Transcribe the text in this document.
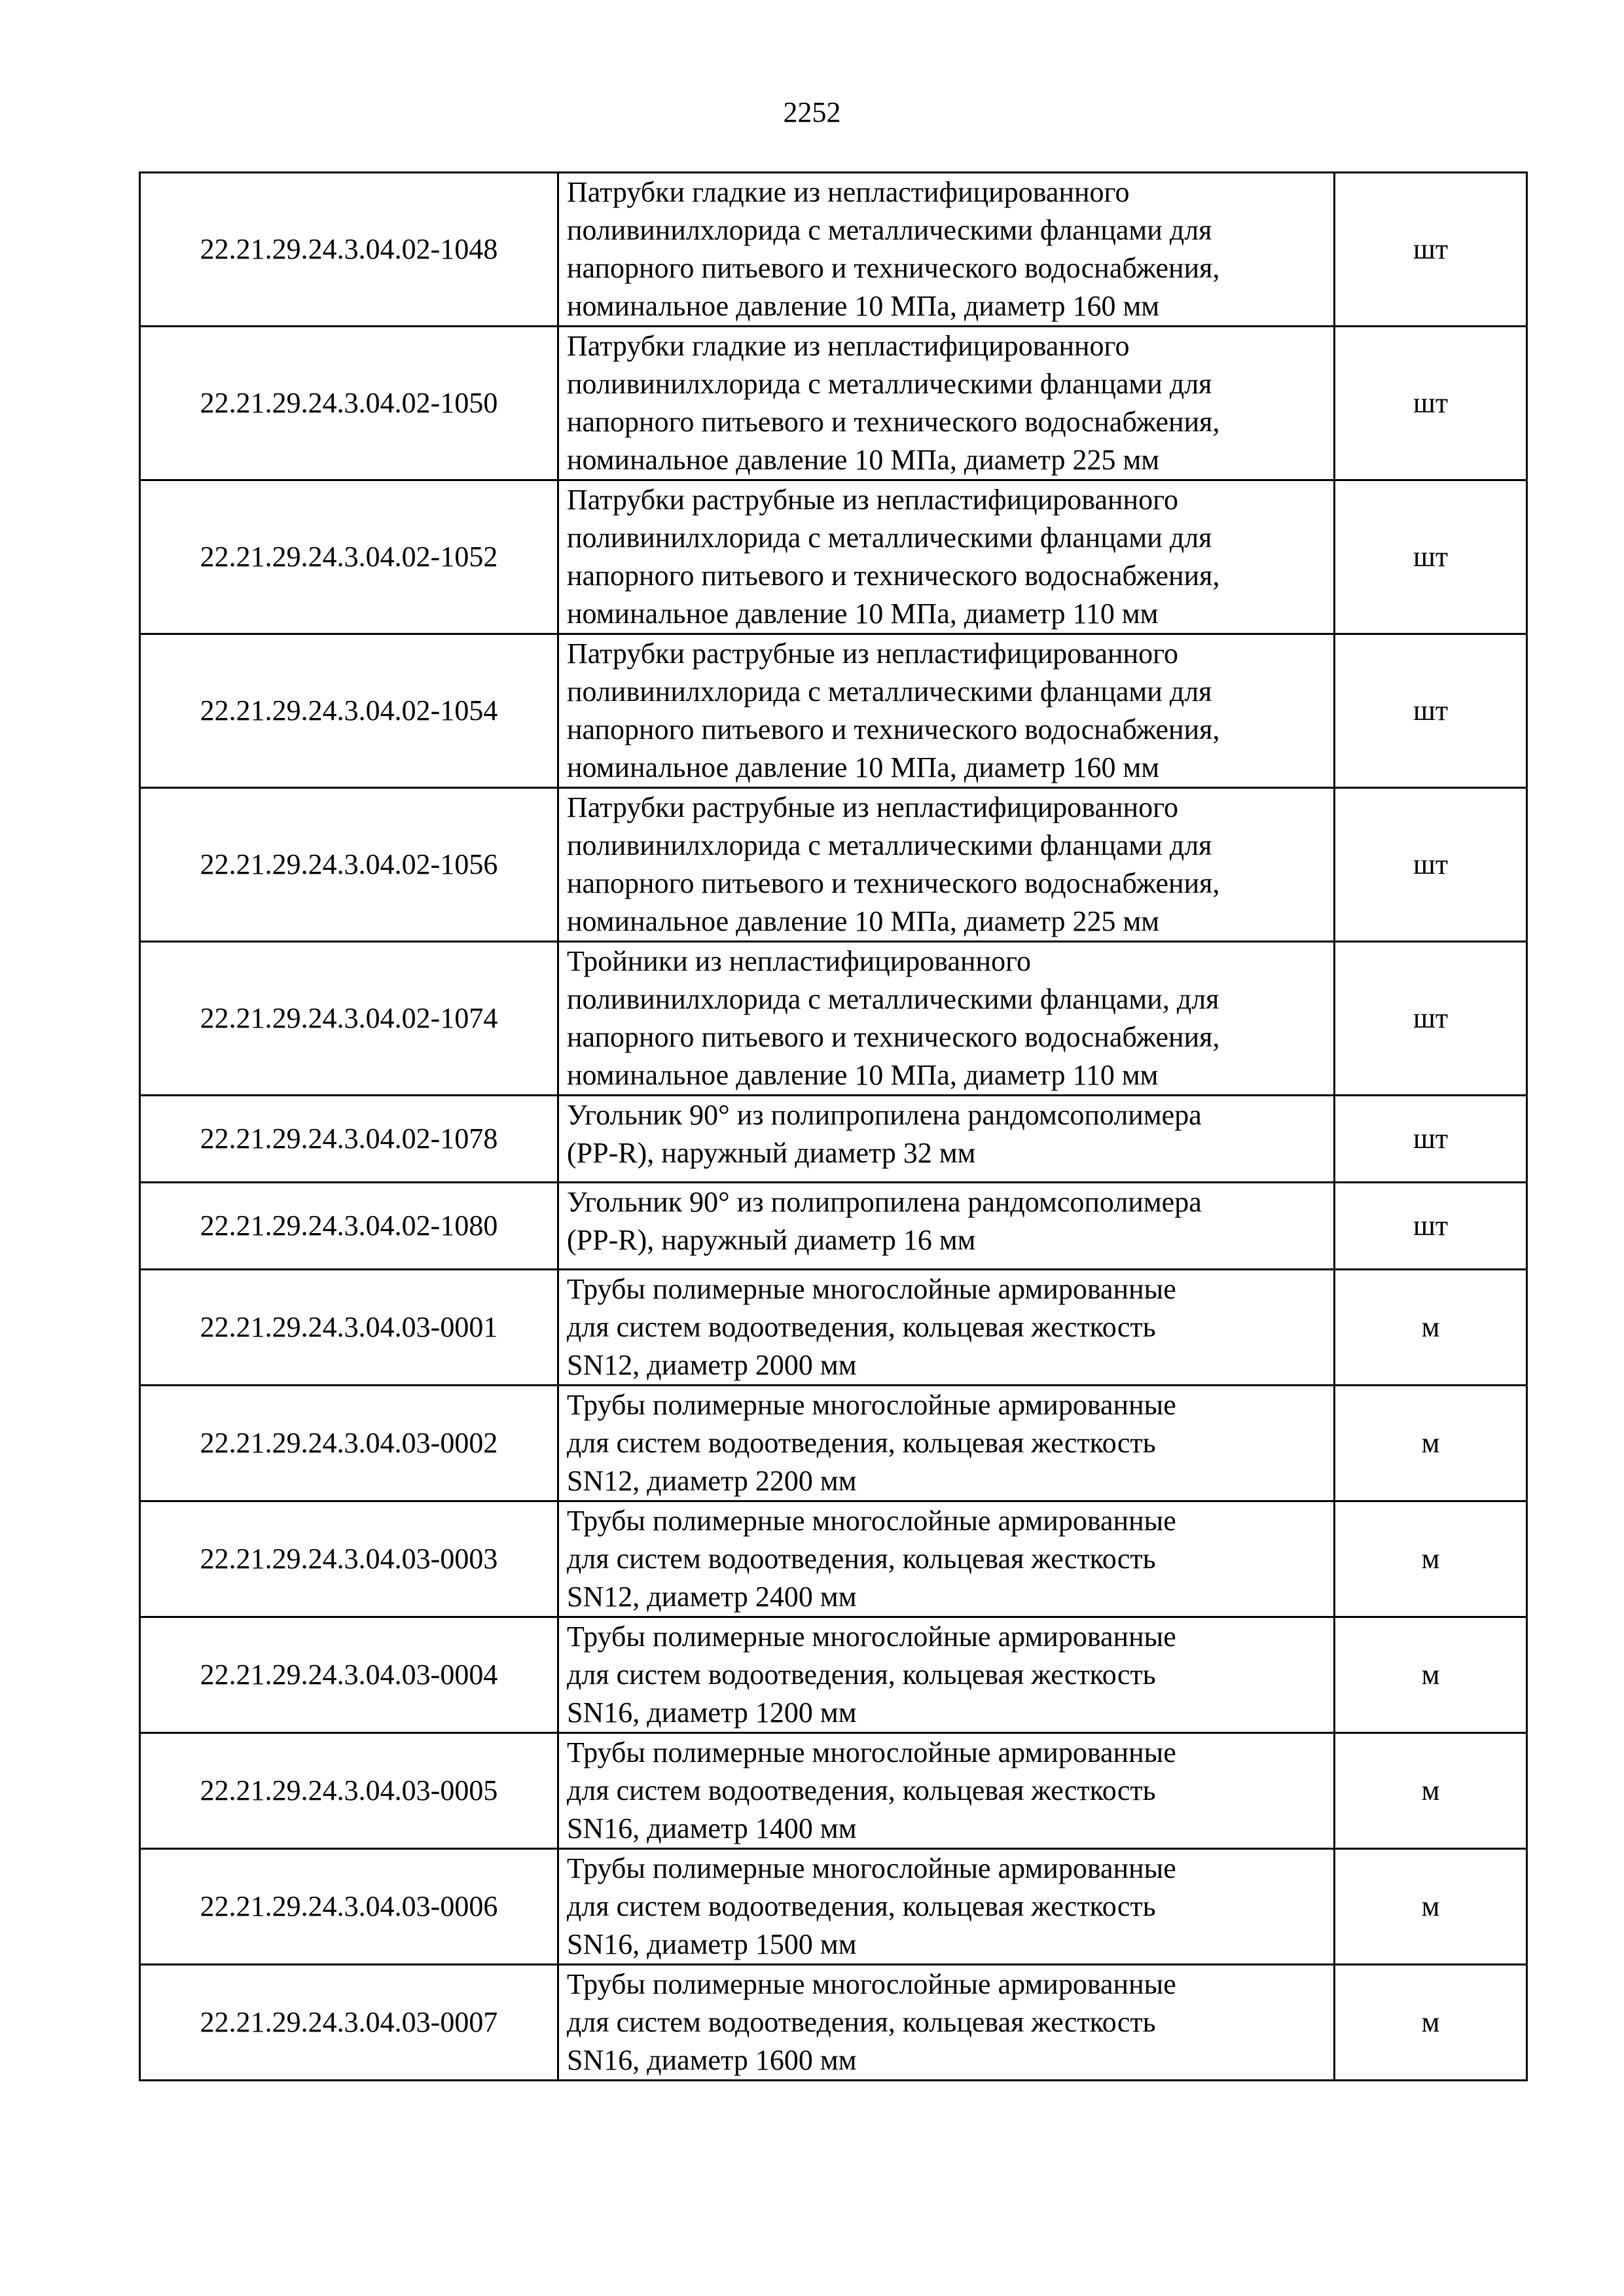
2252
22.21.29.24.3.04.02-1048	Патрубки гладкие из непластифицированного
поливинилхлорида с металлическими фланцами для
напорного питьевого и технического водоснабжения,
номинальное давление 10 МПа, диаметр 160 мм	шт
22.21.29.24.3.04.02-1050	Патрубки гладкие из непластифицированного
поливинилхлорида с металлическими фланцами для
напорного питьевого и технического водоснабжения,
номинальное давление 10 МПа, диаметр 225 мм	шт
22.21.29.24.3.04.02-1052	Патрубки раструбные из непластифицированного
поливинилхлорида с металлическими фланцами для
напорного питьевого и технического водоснабжения,
номинальное давление 10 МПа, диаметр 110 мм	шт
22.21.29.24.3.04.02-1054	Патрубки раструбные из непластифицированного
поливинилхлорида с металлическими фланцами для
напорного питьевого и технического водоснабжения,
номинальное давление 10 МПа, диаметр 160 мм	шт
22.21.29.24.3.04.02-1056	Патрубки раструбные из непластифицированного
поливинилхлорида с металлическими фланцами для
напорного питьевого и технического водоснабжения,
номинальное давление 10 МПа, диаметр 225 мм	шт
22.21.29.24.3.04.02-1074	Тройники из непластифицированного
поливинилхлорида с металлическими фланцами, для
напорного питьевого и технического водоснабжения,
номинальное давление 10 МПа, диаметр 110 мм	шт
22.21.29.24.3.04.02-1078	Угольник 90° из полипропилена рандомсополимера
(PP-R), наружный диаметр 32 мм	шт
22.21.29.24.3.04.02-1080	Угольник 90° из полипропилена рандомсополимера
(PP-R), наружный диаметр 16 мм	шт
22.21.29.24.3.04.03-0001	Трубы полимерные многослойные армированные
для систем водоотведения, кольцевая жесткость
SN12, диаметр 2000 мм	м
22.21.29.24.3.04.03-0002	Трубы полимерные многослойные армированные
для систем водоотведения, кольцевая жесткость
SN12, диаметр 2200 мм	м
22.21.29.24.3.04.03-0003	Трубы полимерные многослойные армированные
для систем водоотведения, кольцевая жесткость
SN12, диаметр 2400 мм	м
22.21.29.24.3.04.03-0004	Трубы полимерные многослойные армированные
для систем водоотведения, кольцевая жесткость
SN16, диаметр 1200 мм	м
22.21.29.24.3.04.03-0005	Трубы полимерные многослойные армированные
для систем водоотведения, кольцевая жесткость
SN16, диаметр 1400 мм	м
22.21.29.24.3.04.03-0006	Трубы полимерные многослойные армированные
для систем водоотведения, кольцевая жесткость
SN16, диаметр 1500 мм	м
22.21.29.24.3.04.03-0007	Трубы полимерные многослойные армированные
для систем водоотведения, кольцевая жесткость
SN16, диаметр 1600 мм	м
